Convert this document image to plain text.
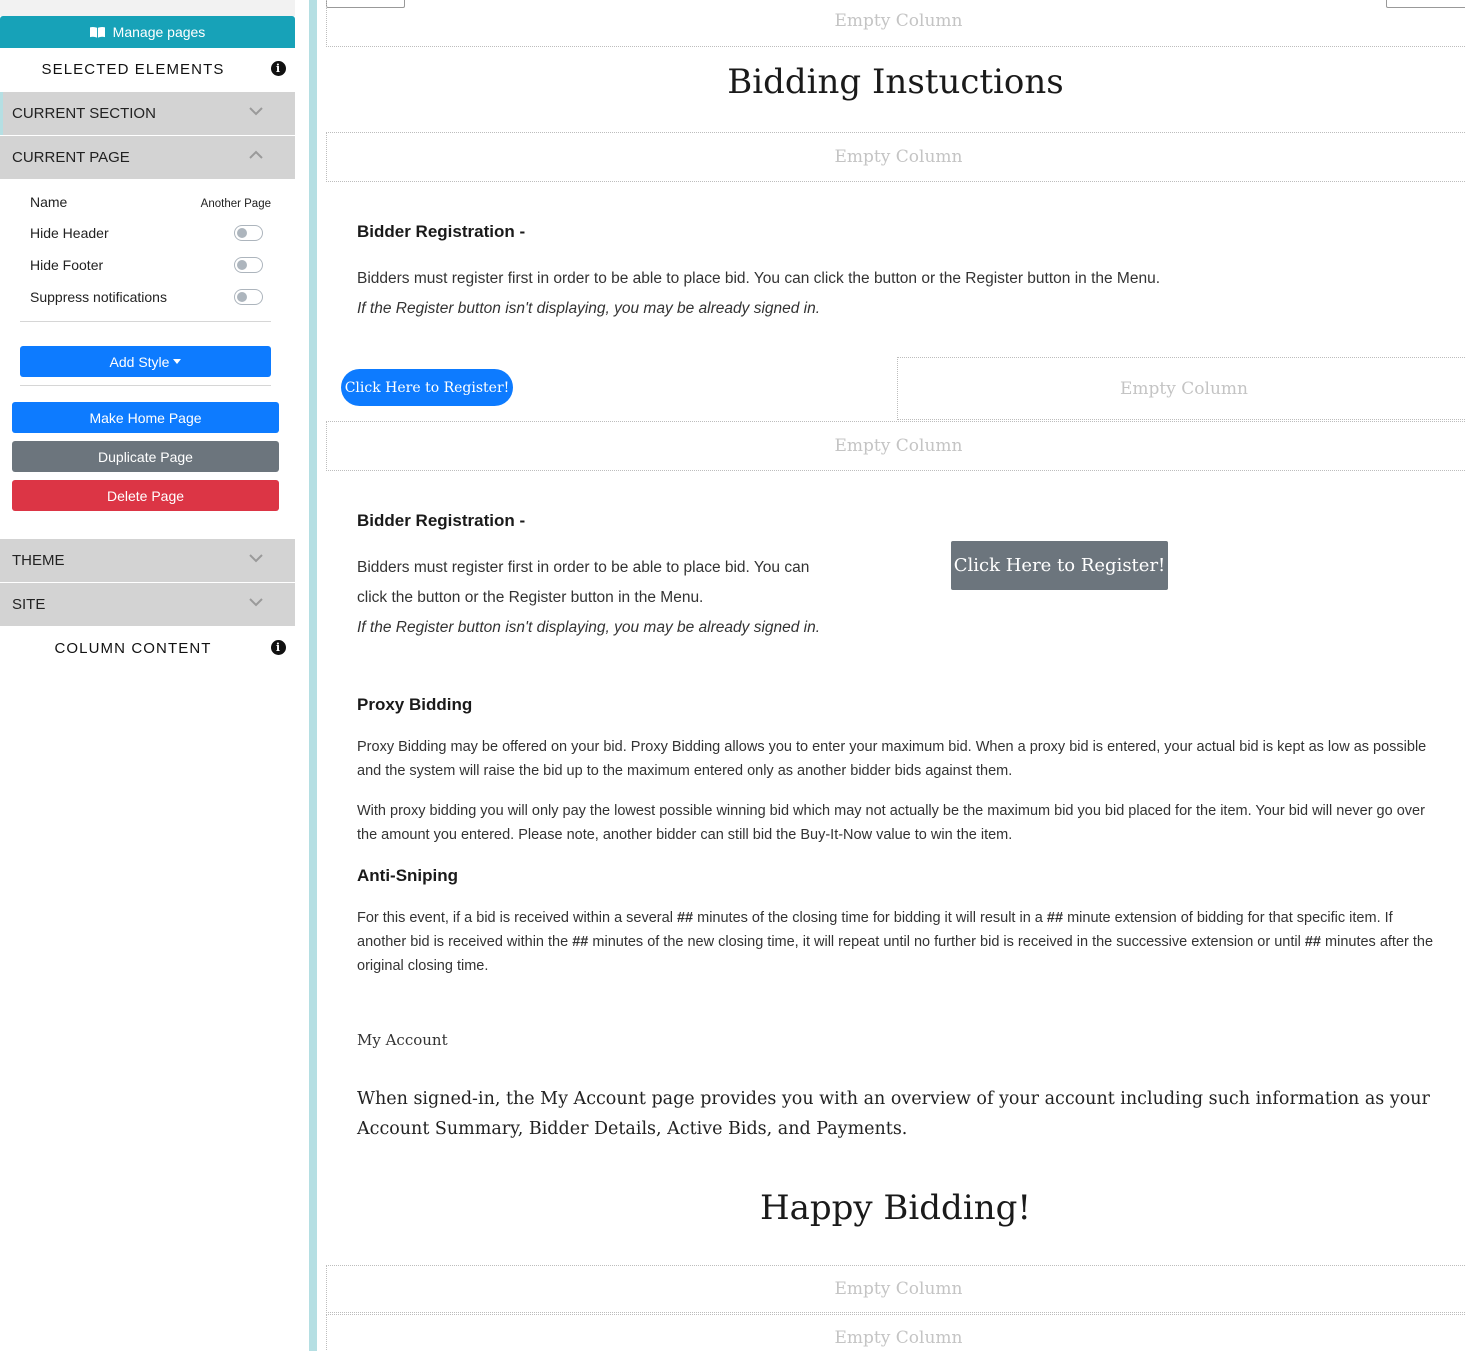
Manage pages
SELECTED ELEMENTS	i
CURRENT SECTION
CURRENT PAGE
Name	Another Page
Hide Header
Hide Footer
Suppress notifications
Add Style
Make Home Page
Duplicate Page
Delete Page
THEME
SITE
COLUMN CONTENT	i
Empty Column
Bidding Instuctions
Empty Column
Bidder Registration -
Bidders must register first in order to be able to place bid. You can click the button or the Register button in the Menu.
If the Register button isn't displaying, you may be already signed in.
Click Here to Register!	Empty Column
Empty Column
Bidder Registration -
Bidders must register first in order to be able to place bid. You can
click the button or the Register button in the Menu.
If the Register button isn't displaying, you may be already signed in.
Click Here to Register!
Proxy Bidding
Proxy Bidding may be offered on your bid. Proxy Bidding allows you to enter your maximum bid. When a proxy bid is entered, your actual bid is kept as low as possible and the system will raise the bid up to the maximum entered only as another bidder bids against them.
With proxy bidding you will only pay the lowest possible winning bid which may not actually be the maximum bid you bid placed for the item. Your bid will never go over the amount you entered. Please note, another bidder can still bid the Buy-It-Now value to win the item.
Anti-Sniping
For this event, if a bid is received within a several ## minutes of the closing time for bidding it will result in a ## minute extension of bidding for that specific item. If another bid is received within the ## minutes of the new closing time, it will repeat until no further bid is received in the successive extension or until ## minutes after the original closing time.
My Account
When signed-in, the My Account page provides you with an overview of your account including such information as your Account Summary, Bidder Details, Active Bids, and Payments.
Happy Bidding!
Empty Column
Empty Column
